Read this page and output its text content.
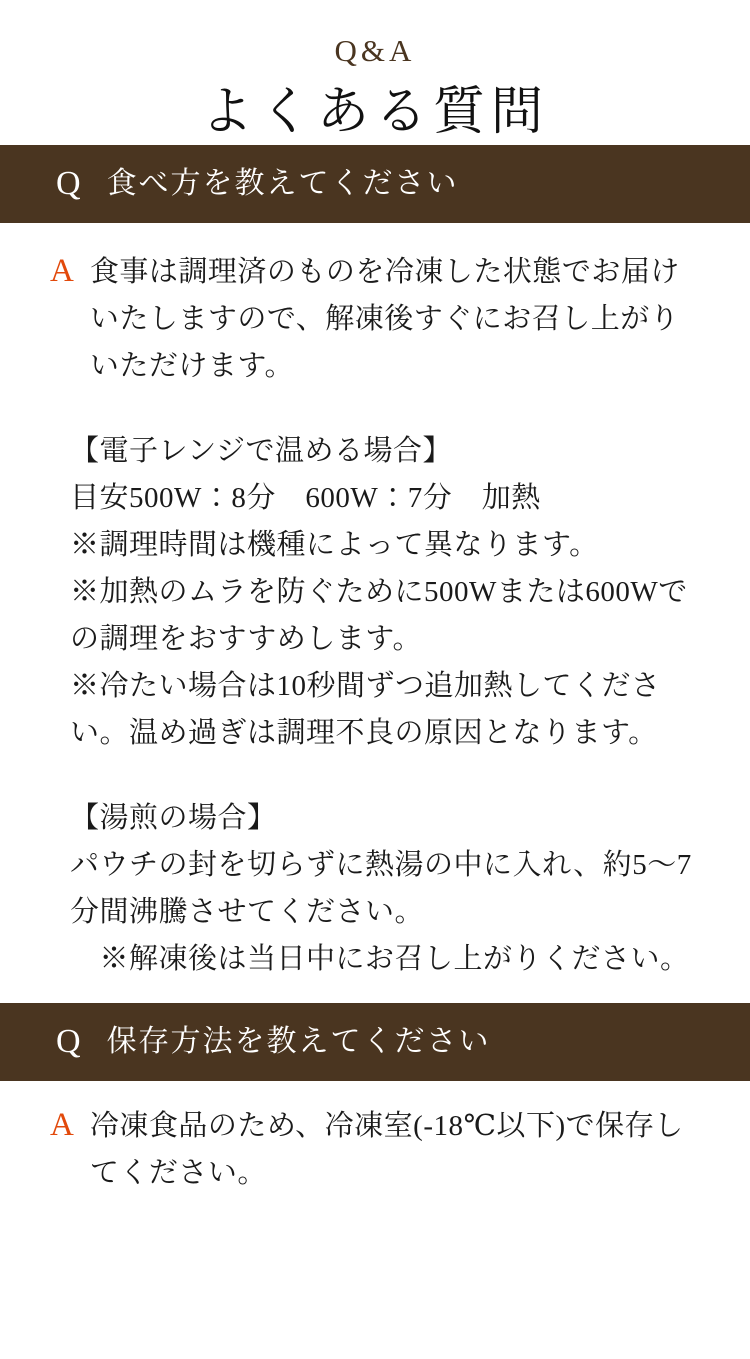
Q&A
よくある質問
Q 食べ方を教えてください
A 食事は調理済のものを冷凍した状態でお届けいたしますので、解凍後すぐにお召し上がりいただけます。
【電子レンジで温める場合】
目安500W：8分　600W：7分　加熱
※調理時間は機種によって異なります。
※加熱のムラを防ぐために500Wまたは600Wでの調理をおすすめします。
※冷たい場合は10秒間ずつ追加熱してください。温め過ぎは調理不良の原因となります。
【湯煎の場合】
パウチの封を切らずに熱湯の中に入れ、約5〜7分間沸騰させてください。
　※解凍後は当日中にお召し上がりください。
Q 保存方法を教えてください
A 冷凍食品のため、冷凍室(-18℃以下)で保存してください。
